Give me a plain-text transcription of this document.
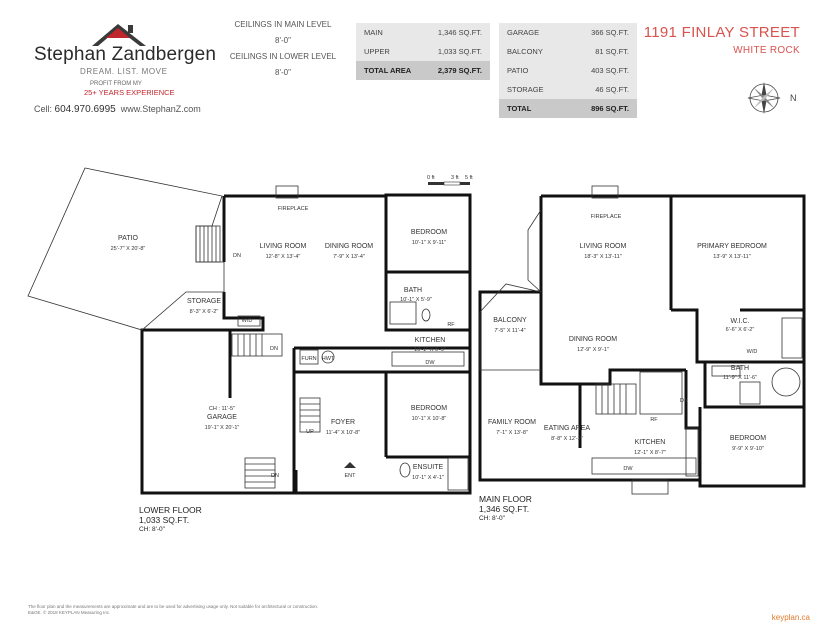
Stephan Zandbergen
DREAM. LIST. MOVE
PROFIT FROM MY
25+ YEARS EXPERIENCE
Cell: 604.970.6995 www.StephanZ.com
CEILINGS IN MAIN LEVEL
8'-0"
CEILINGS IN LOWER LEVEL
8'-0"
MAIN	1,346 SQ.FT.
UPPER	1,033 SQ.FT.
TOTAL AREA	2,379 SQ.FT.
GARAGE	366 SQ.FT.
BALCONY	81 SQ.FT.
PATIO	403 SQ.FT.
STORAGE	46 SQ.FT.
TOTAL	896 SQ.FT.
1191 FINLAY STREET
WHITE ROCK
N
0 ft	3 ft 5 ft
PATIO
25'-7" X 20'-8"
STORAGE
8'-3" X 6'-2"
LIVING ROOM
12'-8" X 13'-4"
DINING ROOM
7'-9" X 13'-4"
BEDROOM
10'-1" X 9'-11"
BATH
10'-1" X 5'-9"
KITCHEN
10'-1" X 6'-9"
CH : 11'-5"
GARAGE
19'-1" X 20'-1"
FOYER
11'-4" X 10'-8"
BEDROOM
10'-1" X 10'-8"
ENSUITE
10'-1" X 4'-1"
LIVING ROOM
18'-3" X 13'-11"
PRIMARY BEDROOM
13'-9" X 13'-11"
BALCONY
7'-5" X 11'-4"
DINING ROOM
12'-9" X 9'-1"
W.I.C.
6'-6" X 6'-2"
BATH
11'-9" X 11'-6"
FAMILY ROOM
7'-1" X 13'-8"
EATING AREA
8'-8" X 12'-2"	KITCHEN
12'-1" X 8'-7"
BEDROOM
9'-9" X 9'-10"
FIREPLACE
FIREPLACE
DN
DN
DN
DN
UP
W/D
W/D
RF
RF
DW
DW
FURN HWT
ENT
LOWER FLOOR
1,033 SQ.FT.
CH: 8'-0"
MAIN FLOOR
1,346 SQ.FT.
CH: 8'-0"
The floor plan and the measurements are approximate and are to be used for advertising usage only. Not suitable for architectural or construction.
E&OE. © 2018 KEYPLAN Measuring Inc.
keyplan.ca
